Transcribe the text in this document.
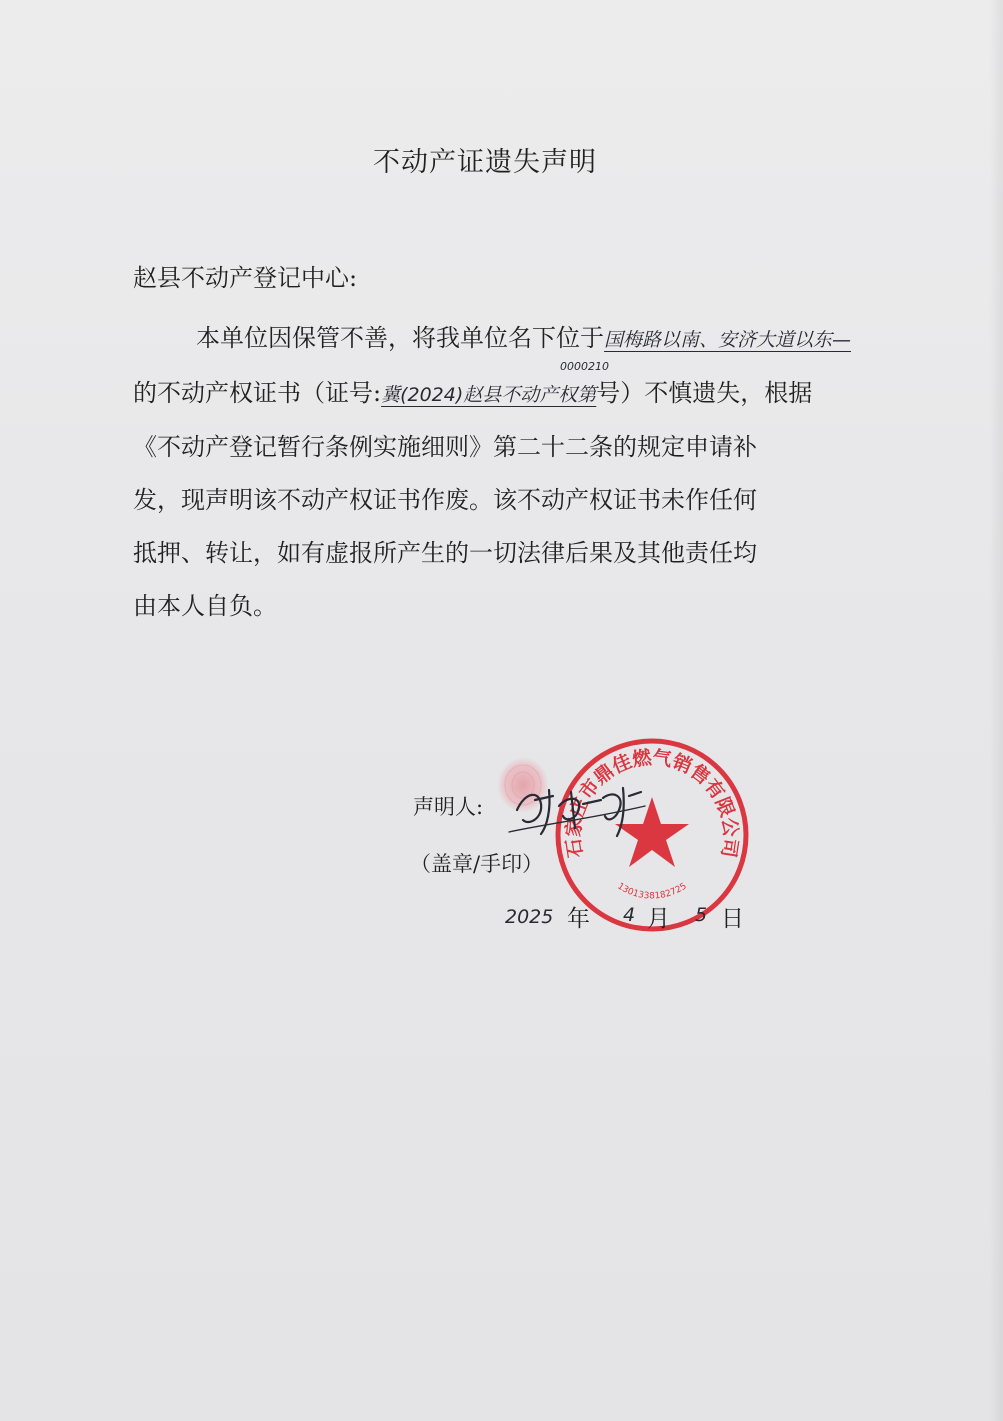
不动产证遗失声明
赵县不动产登记中心:
本单位因保管不善，将我单位名下位于国梅路以南、安济大道以东—
的不动产权证书（证号:冀(2024)赵县不动产权第号）不慎遗失，根据
0000210
《不动产登记暂行条例实施细则》第二十二条的规定申请补
发，现声明该不动产权证书作废。该不动产权证书未作任何
抵押、转让，如有虚报所产生的一切法律后果及其他责任均
由本人自负。
声明人:
（盖章/手印）
石家庄市鼎佳燃气销售有限公司
1301338182725
2025 年 4 月 5 日
